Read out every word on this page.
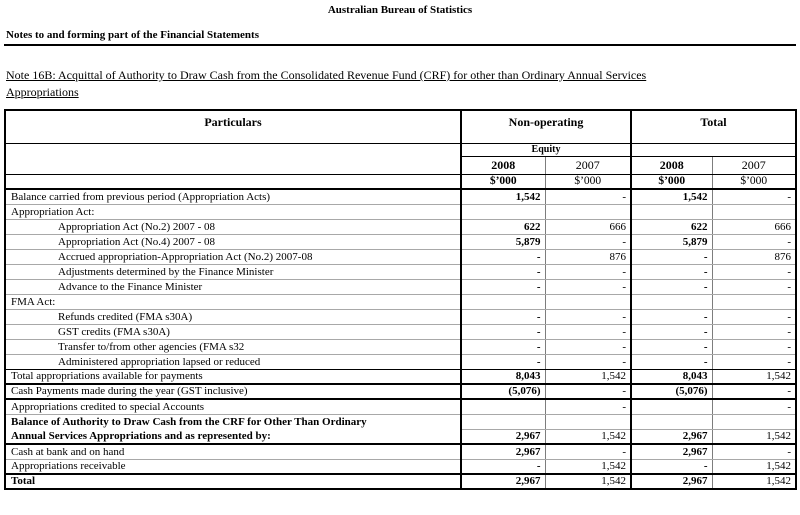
Australian Bureau of Statistics
Notes to and forming part of the Financial Statements
Note 16B: Acquittal of Authority to Draw Cash from the Consolidated Revenue Fund (CRF) for other than Ordinary Annual Services
Appropriations
Particulars	Non-operating		Total	
	Equity			
	2008	2007	2008	2007
	$’000	$’000	$’000	$’000
Balance carried from previous period (Appropriation Acts)	1,542	-	1,542	-
Appropriation Act:				
Appropriation Act (No.2) 2007 - 08	622	666	622	666
Appropriation Act (No.4) 2007 - 08	5,879	-	5,879	-
Accrued appropriation-Appropriation Act (No.2) 2007-08	-	876	-	876
Adjustments determined by the Finance Minister	-	-	-	-
Advance to the Finance Minister	-	-	-	-
FMA Act:				
Refunds credited (FMA s30A)	-	-	-	-
GST credits (FMA s30A)	-	-	-	-
Transfer to/from other agencies (FMA s32	-	-	-	-
Administered appropriation lapsed or reduced	-	-	-	-
Total appropriations available for payments	8,043	1,542	8,043	1,542
Cash Payments made during the year (GST inclusive)	(5,076)	-	(5,076)	-
Appropriations credited to special Accounts		-		-
Balance of Authority to Draw Cash from the CRF for Other Than Ordinary				
Annual Services Appropriations and as represented by:	2,967	1,542	2,967	1,542
Cash at bank and on hand	2,967	-	2,967	-
Appropriations receivable	-	1,542	-	1,542
Total	2,967	1,542	2,967	1,542
